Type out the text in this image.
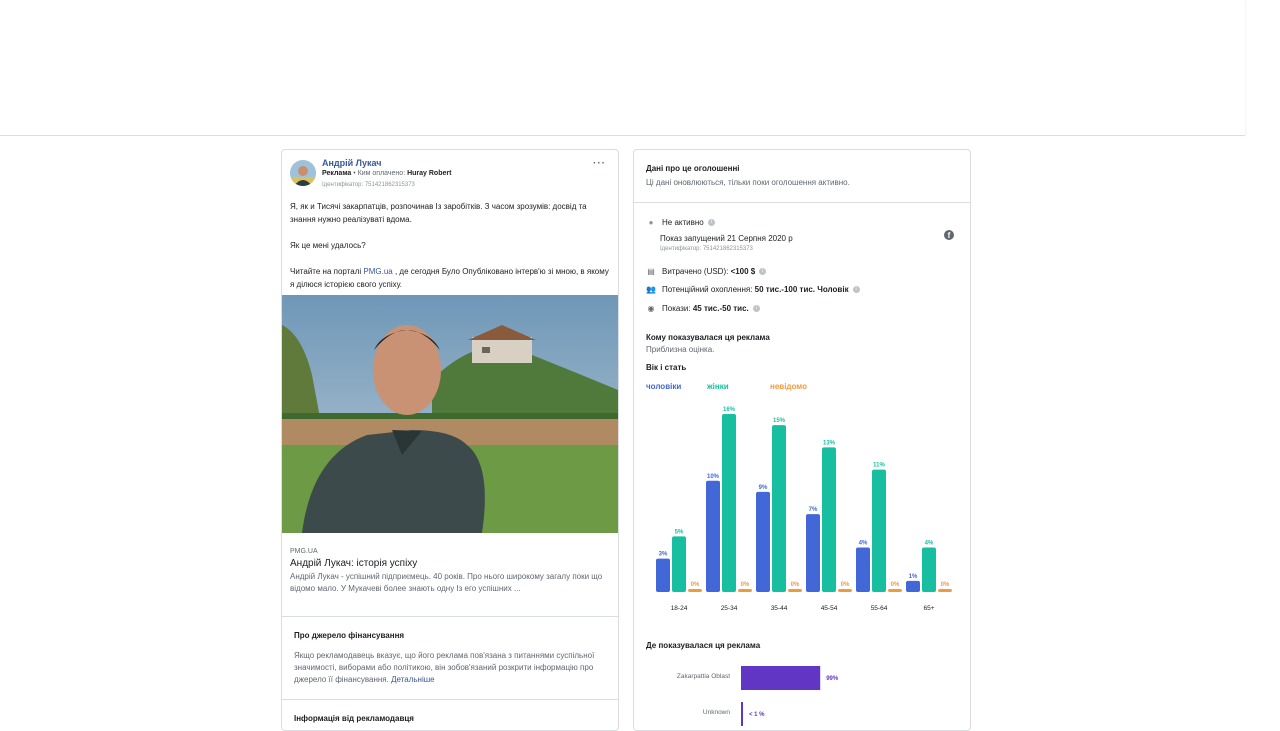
Андрій Лукач
Реклама • Ким оплачено: Huray Robert
Ідентифікатор: 751421862315373
···

Я, як и Тисячі закарпатців, розпочинав Із заробітків. З часом зрозумів: досвід та знання нужно реалізуваті вдома.

Як це мені удалось?

Читайте на порталі PMG.ua , де сегодня Було Опубліковано інтерв'ю зі мною, в якому я ділюся історією свого успіху.

PMG.UA
Андрій Лукач: історія успіху
Андрій Лукач - успішний підприємець. 40 років. Про нього широкому загалу поки що відомо мало. У Мукачеві более знають одну Із его успішних ...
Про джерело фінансування
Якщо рекламодавець вказує, що його реклама пов'язана з питаннями суспільної значимості, виборами або політикою, він зобов'язаний розкрити інформацію про джерело її фінансування. Детальніше
Інформація від рекламодавця
Дані про це оголошенні
Ці дані оновлюються, тільки поки оголошення активно.
● Не активно i
Показ запущений 21 Серпня 2020 р
Ідентифікатор: 751421862315373
f
▤ Витрачено (USD): <100 $ i
👥 Потенційний охоплення: 50 тис.-100 тис. Чоловік i
◉ Покази: 45 тис.-50 тис. i
Кому показувалася ця реклама
Приблизна оцінка.
Вік і стать
чоловіки	жінки	невідомо
3%
5%
0%
18-24
10%
16%
0%
25-34
9%
15%
0%
35-44
7%
13%
0%
45-54
4%
11%
0%
55-64
1%
4%
0%
65+
Де показувалася ця реклама
Zakarpattia Oblast	99%
Unknown	< 1 %
